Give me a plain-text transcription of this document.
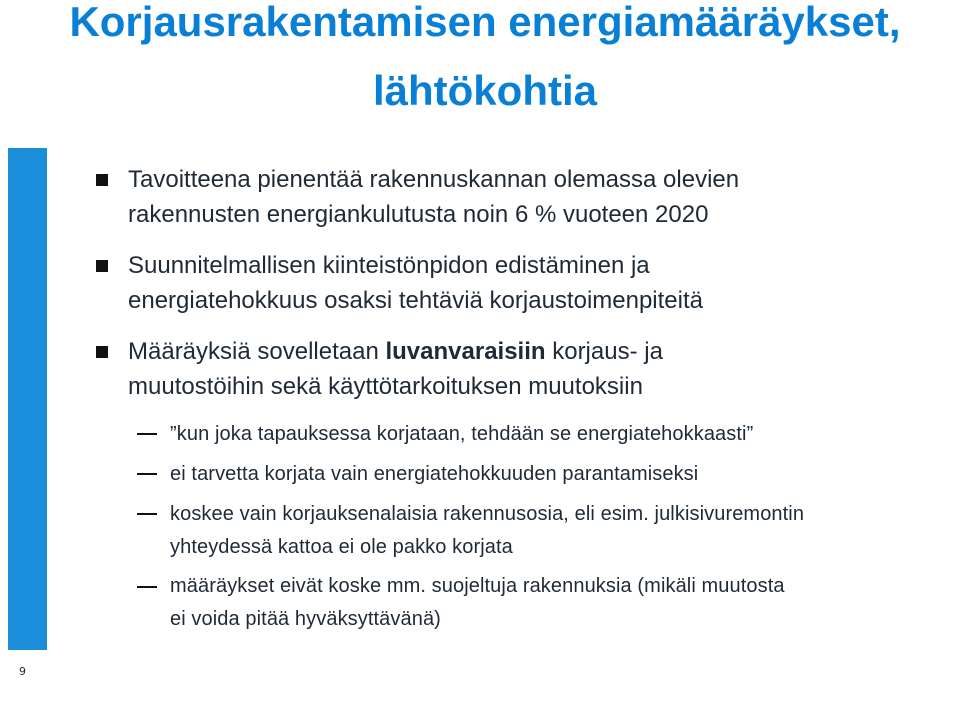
Korjausrakentamisen energiamääräykset,
lähtökohtia
9
Tavoitteena pienentää rakennuskannan olemassa olevien
rakennusten energiankulutusta noin 6 % vuoteen 2020
Suunnitelmallisen kiinteistönpidon edistäminen ja
energiatehokkuus osaksi tehtäviä korjaustoimenpiteitä
Määräyksiä sovelletaan luvanvaraisiin korjaus- ja
muutostöihin sekä käyttötarkoituksen muutoksiin
”kun joka tapauksessa korjataan, tehdään se energiatehokkaasti”
ei tarvetta korjata vain energiatehokkuuden parantamiseksi
koskee vain korjauksenalaisia rakennusosia, eli esim. julkisivuremontin
yhteydessä kattoa ei ole pakko korjata
määräykset eivät koske mm. suojeltuja rakennuksia (mikäli muutosta
ei voida pitää hyväksyttävänä)
